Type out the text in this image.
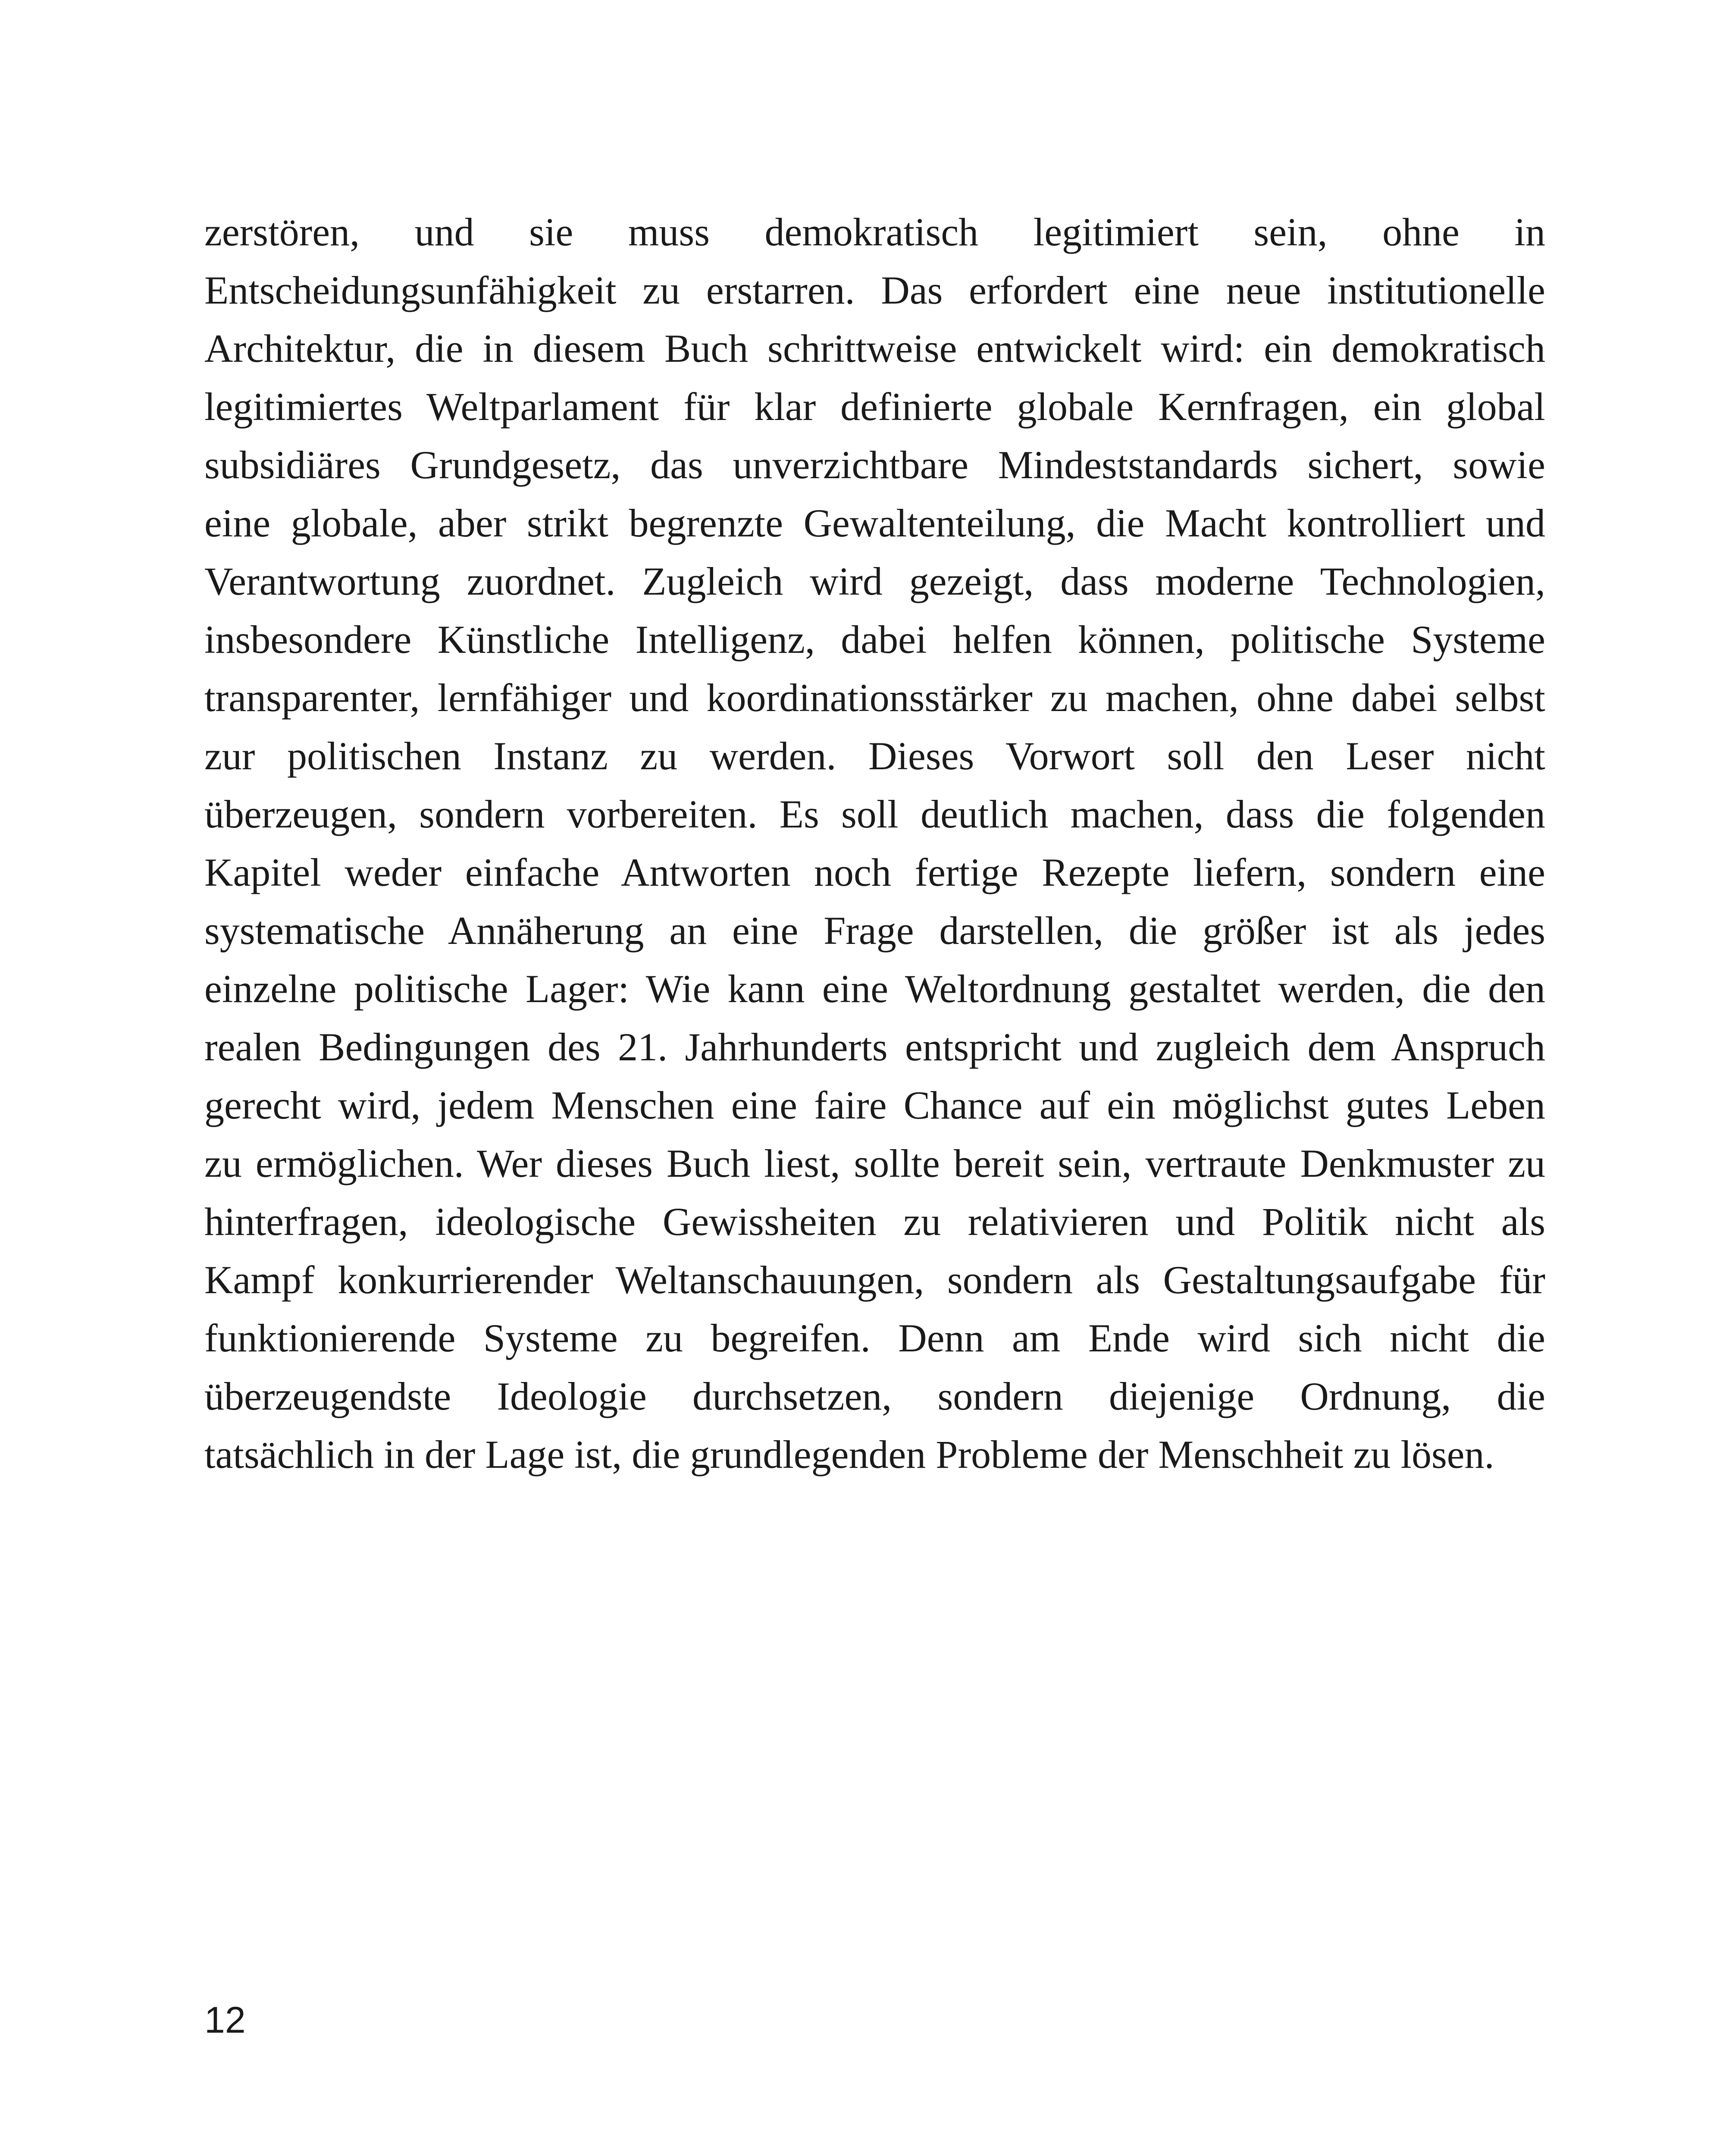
zerstören, und sie muss demokratisch legitimiert sein, ohne in
Entscheidungsunfähigkeit zu erstarren. Das erfordert eine neue institutionelle
Architektur, die in diesem Buch schrittweise entwickelt wird: ein demokratisch
legitimiertes Weltparlament für klar definierte globale Kernfragen, ein global
subsidiäres Grundgesetz, das unverzichtbare Mindeststandards sichert, sowie
eine globale, aber strikt begrenzte Gewaltenteilung, die Macht kontrolliert und
Verantwortung zuordnet. Zugleich wird gezeigt, dass moderne Technologien,
insbesondere Künstliche Intelligenz, dabei helfen können, politische Systeme
transparenter, lernfähiger und koordinationsstärker zu machen, ohne dabei selbst
zur politischen Instanz zu werden. Dieses Vorwort soll den Leser nicht
überzeugen, sondern vorbereiten. Es soll deutlich machen, dass die folgenden
Kapitel weder einfache Antworten noch fertige Rezepte liefern, sondern eine
systematische Annäherung an eine Frage darstellen, die größer ist als jedes
einzelne politische Lager: Wie kann eine Weltordnung gestaltet werden, die den
realen Bedingungen des 21. Jahrhunderts entspricht und zugleich dem Anspruch
gerecht wird, jedem Menschen eine faire Chance auf ein möglichst gutes Leben
zu ermöglichen. Wer dieses Buch liest, sollte bereit sein, vertraute Denkmuster zu
hinterfragen, ideologische Gewissheiten zu relativieren und Politik nicht als
Kampf konkurrierender Weltanschauungen, sondern als Gestaltungsaufgabe für
funktionierende Systeme zu begreifen. Denn am Ende wird sich nicht die
überzeugendste Ideologie durchsetzen, sondern diejenige Ordnung, die
tatsächlich in der Lage ist, die grundlegenden Probleme der Menschheit zu lösen.
12
